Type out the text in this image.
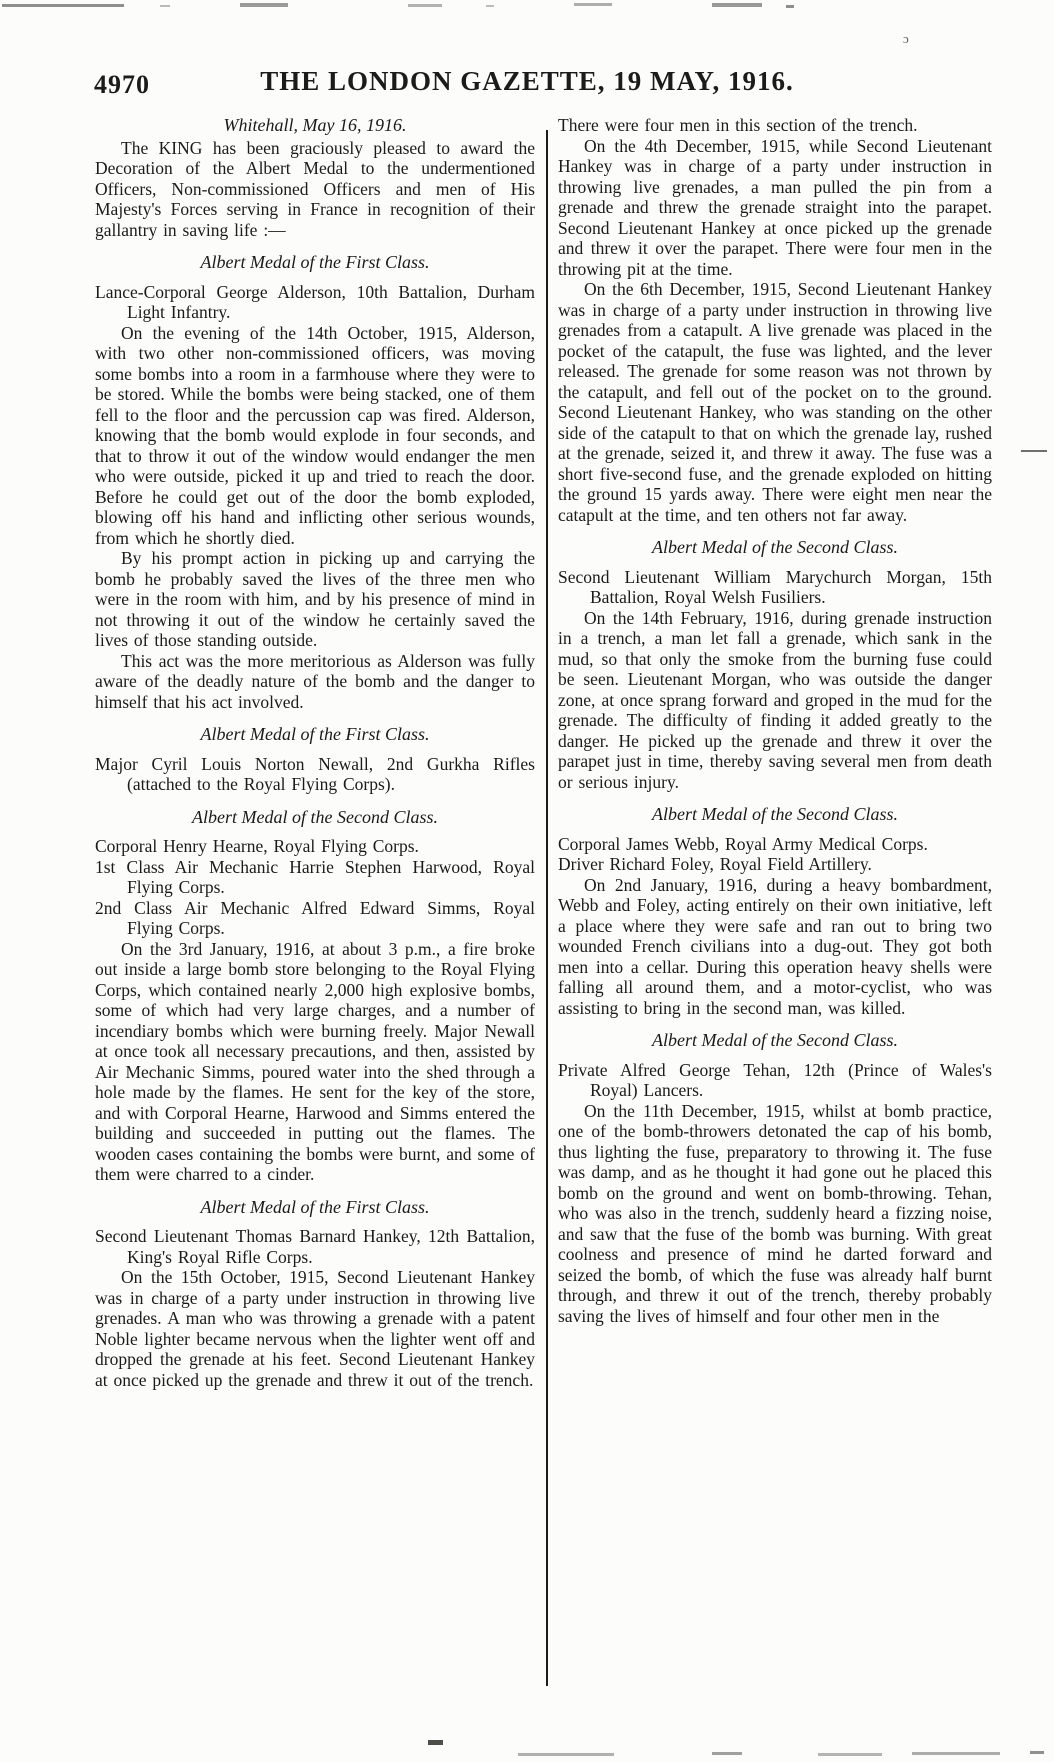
ɔ
4970	THE LONDON GAZETTE, 19 MAY, 1916.

Whitehall, May 16, 1916.

The KING has been graciously pleased to award the Decoration of the Albert Medal to the undermentioned Officers, Non-commissioned Officers and men of His Majesty's Forces serving in France in recognition of their gallantry in saving life :—

Albert Medal of the First Class.

Lance-Corporal George Alderson, 10th Battalion, Durham Light Infantry.

On the evening of the 14th October, 1915, Alderson, with two other non-commissioned officers, was moving some bombs into a room in a farmhouse where they were to be stored. While the bombs were being stacked, one of them fell to the floor and the percussion cap was fired. Alderson, knowing that the bomb would explode in four seconds, and that to throw it out of the window would endanger the men who were outside, picked it up and tried to reach the door. Before he could get out of the door the bomb exploded, blowing off his hand and inflicting other serious wounds, from which he shortly died.

By his prompt action in picking up and carrying the bomb he probably saved the lives of the three men who were in the room with him, and by his presence of mind in not throwing it out of the window he certainly saved the lives of those standing outside.

This act was the more meritorious as Alderson was fully aware of the deadly nature of the bomb and the danger to himself that his act involved.

Albert Medal of the First Class.

Major Cyril Louis Norton Newall, 2nd Gurkha Rifles (attached to the Royal Flying Corps).

Albert Medal of the Second Class.

Corporal Henry Hearne, Royal Flying Corps.

1st Class Air Mechanic Harrie Stephen Harwood, Royal Flying Corps.

2nd Class Air Mechanic Alfred Edward Simms, Royal Flying Corps.

On the 3rd January, 1916, at about 3 p.m., a fire broke out inside a large bomb store belonging to the Royal Flying Corps, which contained nearly 2,000 high explosive bombs, some of which had very large charges, and a number of incendiary bombs which were burning freely. Major Newall at once took all necessary precautions, and then, assisted by Air Mechanic Simms, poured water into the shed through a hole made by the flames. He sent for the key of the store, and with Corporal Hearne, Harwood and Simms entered the building and succeeded in putting out the flames. The wooden cases containing the bombs were burnt, and some of them were charred to a cinder.

Albert Medal of the First Class.

Second Lieutenant Thomas Barnard Hankey, 12th Battalion, King's Royal Rifle Corps.

On the 15th October, 1915, Second Lieutenant Hankey was in charge of a party under instruction in throwing live grenades. A man who was throwing a grenade with a patent Noble lighter became nervous when the lighter went off and dropped the grenade at his feet. Second Lieutenant Hankey at once picked up the grenade and threw it out of the trench.

There were four men in this section of the trench.

On the 4th December, 1915, while Second Lieutenant Hankey was in charge of a party under instruction in throwing live grenades, a man pulled the pin from a grenade and threw the grenade straight into the parapet. Second Lieutenant Hankey at once picked up the grenade and threw it over the parapet. There were four men in the throwing pit at the time.

On the 6th December, 1915, Second Lieutenant Hankey was in charge of a party under instruction in throwing live grenades from a catapult. A live grenade was placed in the pocket of the catapult, the fuse was lighted, and the lever released. The grenade for some reason was not thrown by the catapult, and fell out of the pocket on to the ground. Second Lieutenant Hankey, who was standing on the other side of the catapult to that on which the grenade lay, rushed at the grenade, seized it, and threw it away. The fuse was a short five-second fuse, and the grenade exploded on hitting the ground 15 yards away. There were eight men near the catapult at the time, and ten others not far away.

Albert Medal of the Second Class.

Second Lieutenant William Marychurch Morgan, 15th Battalion, Royal Welsh Fusiliers.

On the 14th February, 1916, during grenade instruction in a trench, a man let fall a grenade, which sank in the mud, so that only the smoke from the burning fuse could be seen. Lieutenant Morgan, who was outside the danger zone, at once sprang forward and groped in the mud for the grenade. The difficulty of finding it added greatly to the danger. He picked up the grenade and threw it over the parapet just in time, thereby saving several men from death or serious injury.

Albert Medal of the Second Class.

Corporal James Webb, Royal Army Medical Corps.

Driver Richard Foley, Royal Field Artillery.

On 2nd January, 1916, during a heavy bombardment, Webb and Foley, acting entirely on their own initiative, left a place where they were safe and ran out to bring two wounded French civilians into a dug-out. They got both men into a cellar. During this operation heavy shells were falling all around them, and a motor-cyclist, who was assisting to bring in the second man, was killed.

Albert Medal of the Second Class.

Private Alfred George Tehan, 12th (Prince of Wales's Royal) Lancers.

On the 11th December, 1915, whilst at bomb practice, one of the bomb-throwers detonated the cap of his bomb, thus lighting the fuse, preparatory to throwing it. The fuse was damp, and as he thought it had gone out he placed this bomb on the ground and went on bomb-throwing. Tehan, who was also in the trench, suddenly heard a fizzing noise, and saw that the fuse of the bomb was burning. With great coolness and presence of mind he darted forward and seized the bomb, of which the fuse was already half burnt through, and threw it out of the trench, thereby probably saving the lives of himself and four other men in the
